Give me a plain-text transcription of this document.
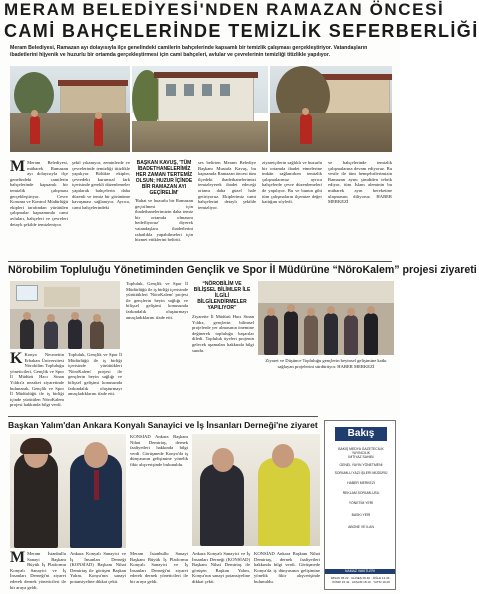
MERAM BELEDİYESİ'NDEN RAMAZAN ÖNCESİ
CAMİ BAHÇELERİNDE TEMİZLİK SEFERBERLİĞİ
Meram Belediyesi, Ramazan ayı dolayısıyla ilçe genelindeki camilerin bahçelerinde kapsamlı bir temizlik çalışması gerçekleştiriyor. Vatandaşların ibadetlerini hijyenik ve huzurlu bir ortamda gerçekleştirmesi için cami bahçeleri, avlular ve çevrelerinin temizliği titizlikle yapılıyor.
M Meram Belediyesi, mübarek Ramazan ayı dolayısıyla ilçe genelindeki camilerin bahçelerinde kapsamlı bir temizlik çalışması gerçekleştiriyor. Cevre Koruma ve Kontrol Müdürlüğü ekipleri tarafından yürütülen çalışmalar kapsamında cami avluları, bahçeleri ve çevreleri detaylı şekilde temizleniyor.
şekil yıkanıyor, zeminlerde ve çevrelerinde temizliği titizlikle yapılıyor. Bölükte ekipler, çevredeki kurumsal fark içerisinde gerekli düzenlemeler yapılarak bahçelerin daha düzenli ve temiz bir görünüme kavuşması sağlanıyor. Ayrıca, cami bahçelerindeki
BAŞKAN KAVUŞ, 'TÜM İBADETHANELERİMİZ HER ZAMAN TERTEMİZ OLSUN; HUZUR İÇİNDE BİR RAMAZAN AYI GEÇİRELİM'
'Rahat ve huzurlu bir Ramazan geçirilmesi için ibadethanelerimizin daha temiz bir ortamda olmasını hedefliyoruz' diyerek vatandaşlara ibadetlerini rahatlıkla yapabilmeleri için hizmet ettiklerini belirtti.
ses belirten Meram Belediye Başkanı Mustafa Kavuş, bu kapsamda Ramazan öncesi tüm ilçedeki ibadethanelerimizi temizleyerek ibadet edeceği ortamı daha güzel hale getiriyoruz. Ekiplerimiz cami bahçelerini detaylı şekilde temizliyor.
ziyaretçilerin sağlıklı ve huzurlu bir ortamda ibadet etmelerine imkân sağlanırken temizlik çalışmalarımız ayrıca bahçelerde çevre düzenlemeleri de yapılıyor. Bu ve bunun gibi tüm çalışmaların ilçemize değer kattığını söyledi.
ve bahçelerinde temizlik çalışmalarına devam ediyoruz. Bu vesile ile tüm hemşehrilerimizin Ramazan ayını şimdiden tebrik ediyor, tüm İslam aleminin bu mübarek ayın bereketine ulaşmasını diliyoruz. HABER MERKEZİ
Nörobilim Topluluğu Yönetiminden Gençlik ve Spor İl Müdürüne “NöroKalem” projesi ziyareti
K Konya Necmettin Erbakan Üniversitesi Nörobilim Topluluğu yöneticileri, Gençlik ve Spor İl Müdürü Hacı Sinan Yıldız'a nezaket ziyaretinde bulunarak, Gençlik ve Spor İl Müdürlüğü ile iş birliği içinde yürütülen NöroKalem projesi hakkında bilgi verdi.
Topluluk, Gençlik ve Spor İl Müdürlüğü ile iş birliği içerisinde yürüttükleri 'NöroKalem' projesi ile gençlerin beyin sağlığı ve bilişsel gelişimi konusunda farkındalık oluşturmayı amaçladıklarını ifade etti.
Topluluk, Gençlik ve Spor İl Müdürlüğü ile iş birliği içerisinde yürüttükleri 'NöroKalem' projesi ile gençlerin beyin sağlığı ve bilişsel gelişimi konusunda farkındalık oluşturmayı amaçladıklarını ifade etti.
“NÖROBİLİM VE BİLİŞSEL BİLİMLER İLE İLGİLİ BİLGİLENDİRMELER YAPILIYOR”
Ziyarette İl Müdürü Hacı Sinan Yıldız, gençlerin bilimsel projelerde yer almasının önemine değinerek topluluğa başarılar diledi. Topluluk üyeleri projenin gelecek aşamaları hakkında bilgi sundu.
Ziyaret ve Düşünce Topluluğu gençlerin beyinsel gelişimine katkı sağlayan projelerini sürdürüyor. HABER MERKEZİ
Başkan Yalım'dan Ankara Konyalı Sanayici ve İş İnsanları Derneği'ne ziyaret
KONSİAD Ankara Başkanı Nihat Demirtaş, dernek faaliyetleri hakkında bilgi verdi. Görüşmede Konya'da iş dünyasının gelişimine yönelik fikir alışverişinde bulunuldu.
M Meram İstanbullu Sanayi Başkanı Büyük İş Platformu Konyalı Sanayici ve İş İnsanları Derneği'ni ziyaret ederek dernek yöneticileri ile bir araya geldi.
Ankara Konyalı Sanayici ve İş İnsanları Derneği (KONSİAD) Başkanı Nihat Demirtaş ile görüşen Başkan Yalım, Konya'nın sanayi potansiyeline dikkat çekti.
Meram İstanbullu Sanayi Başkanı Büyük İş Platformu Konyalı Sanayici ve İş İnsanları Derneği'ni ziyaret ederek dernek yöneticileri ile bir araya geldi.
Ankara Konyalı Sanayici ve İş İnsanları Derneği (KONSİAD) Başkanı Nihat Demirtaş ile görüşen Başkan Yalım, Konya'nın sanayi potansiyeline dikkat çekti.
KONSİAD Ankara Başkanı Nihat Demirtaş, dernek faaliyetleri hakkında bilgi verdi. Görüşmede Konya'da iş dünyasının gelişimine yönelik fikir alışverişinde bulunuldu.
Bakış
BAKIŞ MEDYA GAZETECİLİK YAYINCILIK
İMTİYAZ SAHİBİ
GENEL YAYIN YÖNETMENİ
SORUMLU YAZI İŞLERİ MÜDÜRÜ
HABER MERKEZİ
REKLAM SORUMLUSU
YÖNETİM YERİ
BASKI YERİ
ABONE VE İLAN
NAMAZ VAKİTLERİ
İMSAK 05.22 · GÜNEŞ 06.46 · ÖĞLE 12.33 · İKİNDİ 15.42 · AKŞAM 18.10 · YATSI 19.29
